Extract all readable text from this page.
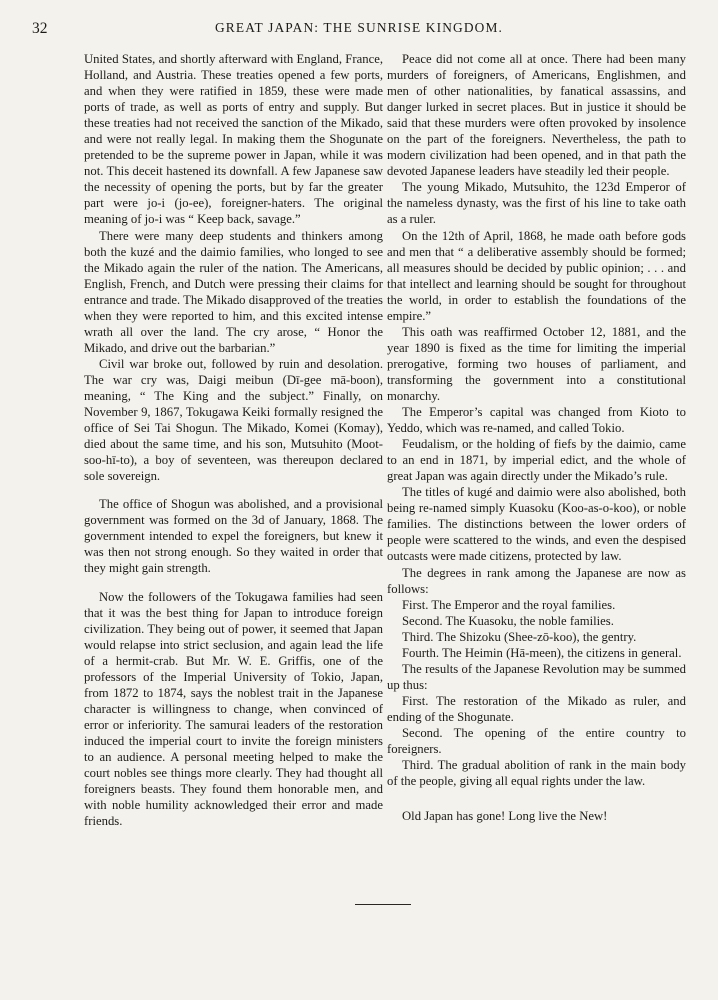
32	GREAT JAPAN: THE SUNRISE KINGDOM.

United States, and shortly afterward with England, France, Holland, and Austria. These treaties opened a few ports, and when they were ratified in 1859, these were made ports of trade, as well as ports of entry and supply. But these treaties had not received the sanction of the Mikado, and were not really legal. In making them the Shogunate pretended to be the supreme power in Japan, while it was not. This deceit hastened its downfall. A few Japanese saw the necessity of opening the ports, but by far the greater part were jo-i (jo-ee), foreigner-haters. The original meaning of jo-i was “ Keep back, savage.”

There were many deep students and thinkers among both the kuzé and the daimio families, who longed to see the Mikado again the ruler of the nation. The Americans, English, French, and Dutch were pressing their claims for entrance and trade. The Mikado disapproved of the treaties when they were reported to him, and this excited intense wrath all over the land. The cry arose, “ Honor the Mikado, and drive out the barbarian.”

Civil war broke out, followed by ruin and desolation. The war cry was, Daigi meibun (Dī-gee mā-boon), meaning, “ The King and the subject.” Finally, on November 9, 1867, Tokugawa Keiki formally resigned the office of Sei Tai Shogun. The Mikado, Komei (Komay), died about the same time, and his son, Mutsuhito (Moot-soo-hī-to), a boy of seventeen, was thereupon declared sole sovereign.

The office of Shogun was abolished, and a provisional government was formed on the 3d of January, 1868. The government intended to expel the foreigners, but knew it was then not strong enough. So they waited in order that they might gain strength.

Now the followers of the Tokugawa families had seen that it was the best thing for Japan to introduce foreign civilization. They being out of power, it seemed that Japan would relapse into strict seclusion, and again lead the life of a hermit-crab. But Mr. W. E. Griffis, one of the professors of the Imperial University of Tokio, Japan, from 1872 to 1874, says the noblest trait in the Japanese character is willingness to change, when convinced of error or inferiority. The samurai leaders of the restoration induced the imperial court to invite the foreign ministers to an audience. A personal meeting helped to make the court nobles see things more clearly. They had thought all foreigners beasts. They found them honorable men, and with noble humility acknowledged their error and made friends.

Peace did not come all at once. There had been many murders of foreigners, of Americans, Englishmen, and men of other nationalities, by fanatical assassins, and danger lurked in secret places. But in justice it should be said that these murders were often provoked by insolence on the part of the foreigners. Nevertheless, the path to modern civilization had been opened, and in that path the devoted Japanese leaders have steadily led their people.

The young Mikado, Mutsuhito, the 123d Emperor of the nameless dynasty, was the first of his line to take oath as a ruler.

On the 12th of April, 1868, he made oath before gods and men that “ a deliberative assembly should be formed; all measures should be decided by public opinion; . . . and that intellect and learning should be sought for throughout the world, in order to establish the foundations of the empire.”

This oath was reaffirmed October 12, 1881, and the year 1890 is fixed as the time for limiting the imperial prerogative, forming two houses of parliament, and transforming the government into a constitutional monarchy.

The Emperor’s capital was changed from Kioto to Yeddo, which was re-named, and called Tokio.

Feudalism, or the holding of fiefs by the daimio, came to an end in 1871, by imperial edict, and the whole of great Japan was again directly under the Mikado’s rule.

The titles of kugé and daimio were also abolished, both being re-named simply Kuasoku (Koo-as-o-koo), or noble families. The distinctions between the lower orders of people were scattered to the winds, and even the despised outcasts were made citizens, protected by law.

The degrees in rank among the Japanese are now as follows:

First. The Emperor and the royal families.

Second. The Kuasoku, the noble families.

Third. The Shizoku (Shee-zō-koo), the gentry.

Fourth. The Heimin (Hā-meen), the citizens in general.

The results of the Japanese Revolution may be summed up thus:

First. The restoration of the Mikado as ruler, and ending of the Shogunate.

Second. The opening of the entire country to foreigners.

Third. The gradual abolition of rank in the main body of the people, giving all equal rights under the law.

Old Japan has gone! Long live the New!
